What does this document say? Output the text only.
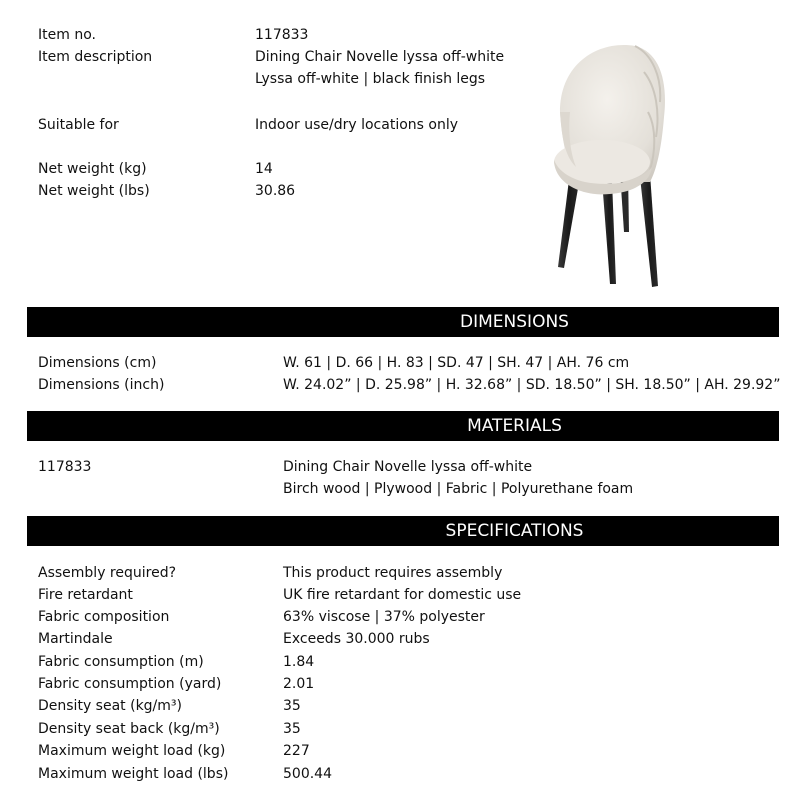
Item no.	117833
Item description	Dining Chair Novelle lyssa off-white
Lyssa off-white | black finish legs
Suitable for	Indoor use/dry locations only
Net weight (kg)	14
Net weight (lbs)	30.86
DIMENSIONS
Dimensions (cm)	W. 61 | D. 66 | H. 83 | SD. 47 | SH. 47 | AH. 76 cm
Dimensions (inch)	W. 24.02” | D. 25.98” | H. 32.68” | SD. 18.50” | SH. 18.50” | AH. 29.92”
MATERIALS
117833	Dining Chair Novelle lyssa off-white
Birch wood | Plywood | Fabric | Polyurethane foam
SPECIFICATIONS
Assembly required?	This product requires assembly
Fire retardant	UK fire retardant for domestic use
Fabric composition	63% viscose | 37% polyester
Martindale	Exceeds 30.000 rubs
Fabric consumption (m)	1.84
Fabric consumption (yard)	2.01
Density seat (kg/m³)	35
Density seat back (kg/m³)	35
Maximum weight load (kg)	227
Maximum weight load (lbs)	500.44
